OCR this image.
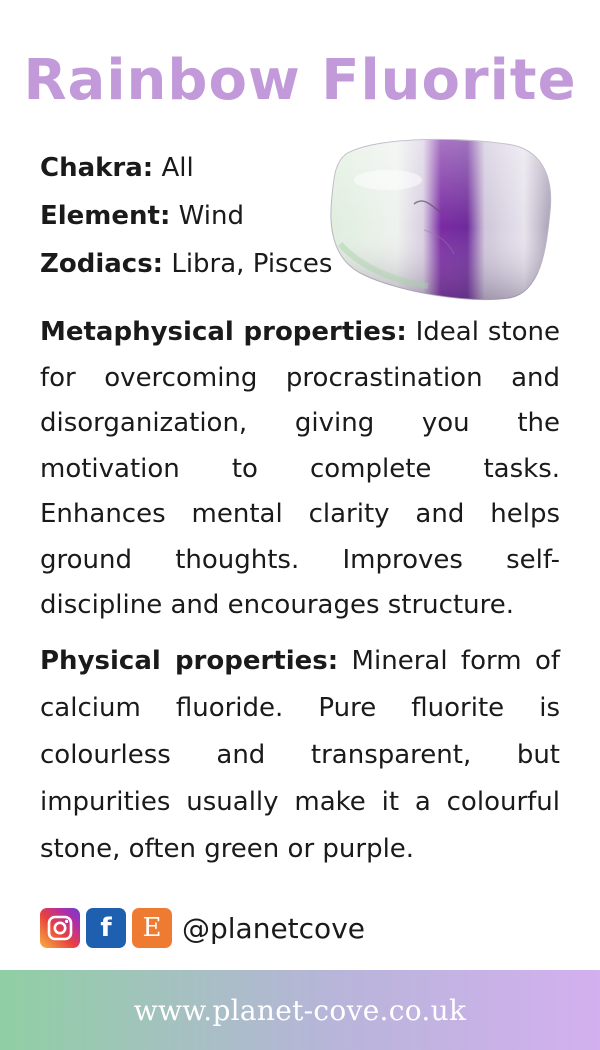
Rainbow Fluorite
Chakra: All
Element: Wind
Zodiacs: Libra, Pisces

Metaphysical properties: Ideal stone for overcoming procrastination and disorganization, giving you the motivation to complete tasks. Enhances mental clarity and helps ground thoughts. Improves self-discipline and encourages structure.

Physical properties: Mineral form of calcium fluoride. Pure fluorite is colourless and transparent, but impurities usually make it a colourful stone, often green or purple.

f E @planetcove
www.planet-cove.co.uk
